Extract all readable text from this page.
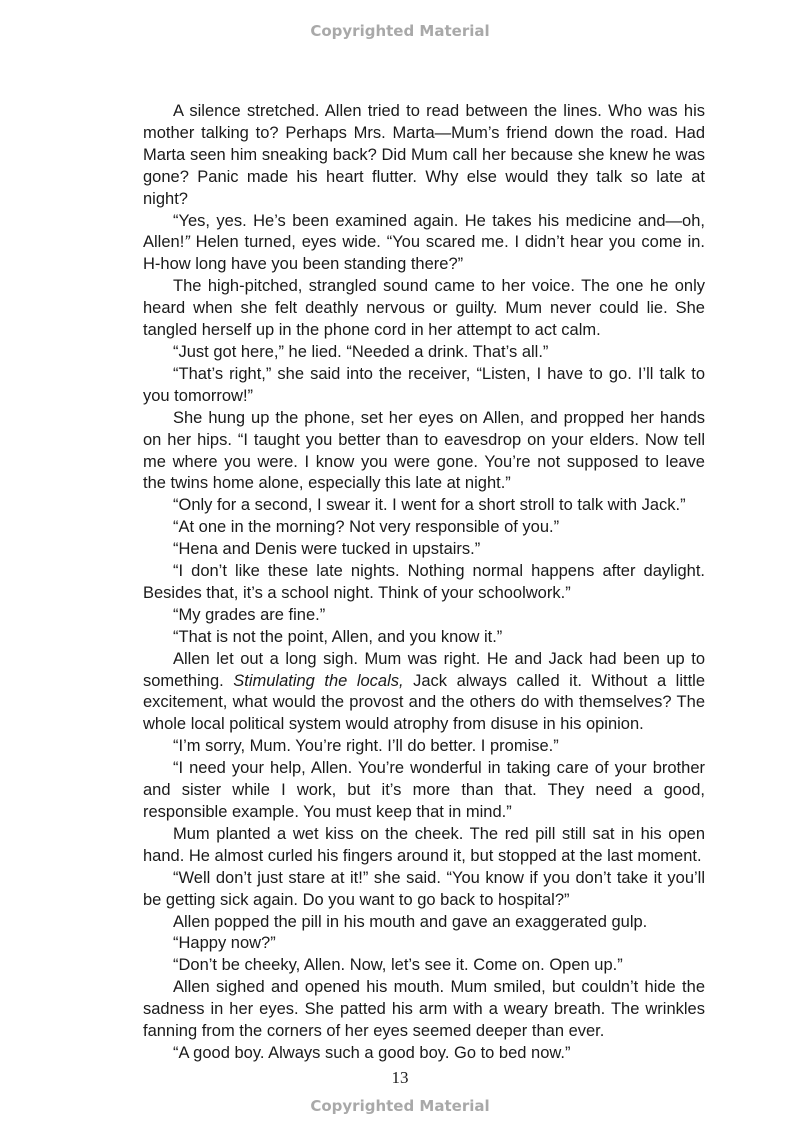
Copyrighted Material

A silence stretched. Allen tried to read between the lines. Who was his mother talking to? Perhaps Mrs. Marta—Mum’s friend down the road. Had Marta seen him sneaking back? Did Mum call her because she knew he was gone? Panic made his heart flutter. Why else would they talk so late at night?

“Yes, yes. He’s been examined again. He takes his medicine and—oh, Allen!” Helen turned, eyes wide. “You scared me. I didn’t hear you come in. H-how long have you been standing there?”

The high-pitched, strangled sound came to her voice. The one he only heard when she felt deathly nervous or guilty. Mum never could lie. She tangled herself up in the phone cord in her attempt to act calm.

“Just got here,” he lied. “Needed a drink. That’s all.”

“That’s right,” she said into the receiver, “Listen, I have to go. I’ll talk to you tomorrow!”

She hung up the phone, set her eyes on Allen, and propped her hands on her hips. “I taught you better than to eavesdrop on your elders. Now tell me where you were. I know you were gone. You’re not supposed to leave the twins home alone, especially this late at night.”

“Only for a second, I swear it. I went for a short stroll to talk with Jack.”

“At one in the morning? Not very responsible of you.”

“Hena and Denis were tucked in upstairs.”

“I don’t like these late nights. Nothing normal happens after daylight. Besides that, it’s a school night. Think of your schoolwork.”

“My grades are fine.”

“That is not the point, Allen, and you know it.”

Allen let out a long sigh. Mum was right. He and Jack had been up to something. Stimulating the locals, Jack always called it. Without a little excitement, what would the provost and the others do with themselves? The whole local political system would atrophy from disuse in his opinion.

“I’m sorry, Mum. You’re right. I’ll do better. I promise.”

“I need your help, Allen. You’re wonderful in taking care of your brother and sister while I work, but it’s more than that. They need a good, responsible example. You must keep that in mind.”

Mum planted a wet kiss on the cheek. The red pill still sat in his open hand. He almost curled his fingers around it, but stopped at the last moment.

“Well don’t just stare at it!” she said. “You know if you don’t take it you’ll be getting sick again. Do you want to go back to hospital?”

Allen popped the pill in his mouth and gave an exaggerated gulp.

“Happy now?”

“Don’t be cheeky, Allen. Now, let’s see it. Come on. Open up.”

Allen sighed and opened his mouth. Mum smiled, but couldn’t hide the sadness in her eyes. She patted his arm with a weary breath. The wrinkles fanning from the corners of her eyes seemed deeper than ever.

“A good boy. Always such a good boy. Go to bed now.”

13
Copyrighted Material
